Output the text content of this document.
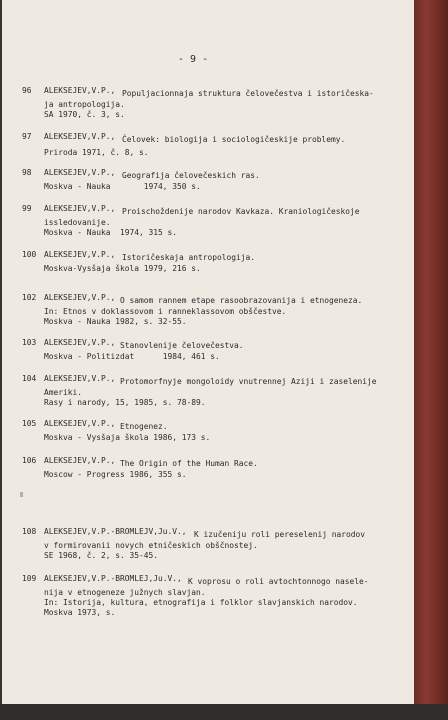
- 9 -
96	ALEKSEJEV,V.P., Populjacionnaja struktura čelovečestva i istoričeska-
ja antropologija.
SA 1970, č. 3, s.
97	ALEKSEJEV,V.P., Čelovek: biologija i sociologičeskije problemy.
Priroda 1971, č. 8, s.
98	ALEKSEJEV,V.P., Geografija čelovečeskich ras.
Moskva - Nauka       1974, 350 s.
99	ALEKSEJEV,V.P., Proischoždenije narodov Kavkaza. Kraniologičeskoje
issledovanije.
Moskva - Nauka  1974, 315 s.
100 ALEKSEJEV,V.P., Istoričeskaja antropologija.
Moskva-Vysšaja škola 1979, 216 s.
102 ALEKSEJEV,V.P., O samom rannem etape rasoobrazovanija i etnogeneza.
In: Etnos v doklassovom i ranneklassovom obščestve.
Moskva - Nauka 1982, s. 32-55.
103 ALEKSEJEV,V.P., Stanovlenije čelovečestva.
Moskva - Politizdat      1984, 461 s.
104 ALEKSEJEV,V.P., Protomorfnyje mongoloidy vnutrennej Aziji i zaselenije
Ameriki.
Rasy i narody, 15, 1985, s. 78-89.
105 ALEKSEJEV,V.P., Etnogenez.
Moskva - Vysšaja škola 1986, 173 s.
106 ALEKSEJEV,V.P., The Origin of the Human Race.
Moscow - Progress 1986, 355 s.
108 ALEKSEJEV,V.P.-BROMLEJV,Ju.V., K izučeniju roli pereselenij narodov
v formirovanii novych etničeskich obščnostej.
SE 1968, č. 2, s. 35-45.
109 ALEKSEJEV,V.P.-BROMLEJ,Ju.V., K voprosu o roli avtochtonnogo nasele-
nija v etnogeneze južnych slavjan.
In: Istorija, kultura, etnografija i folklor slavjanskich narodov.
Moskva 1973, s.
